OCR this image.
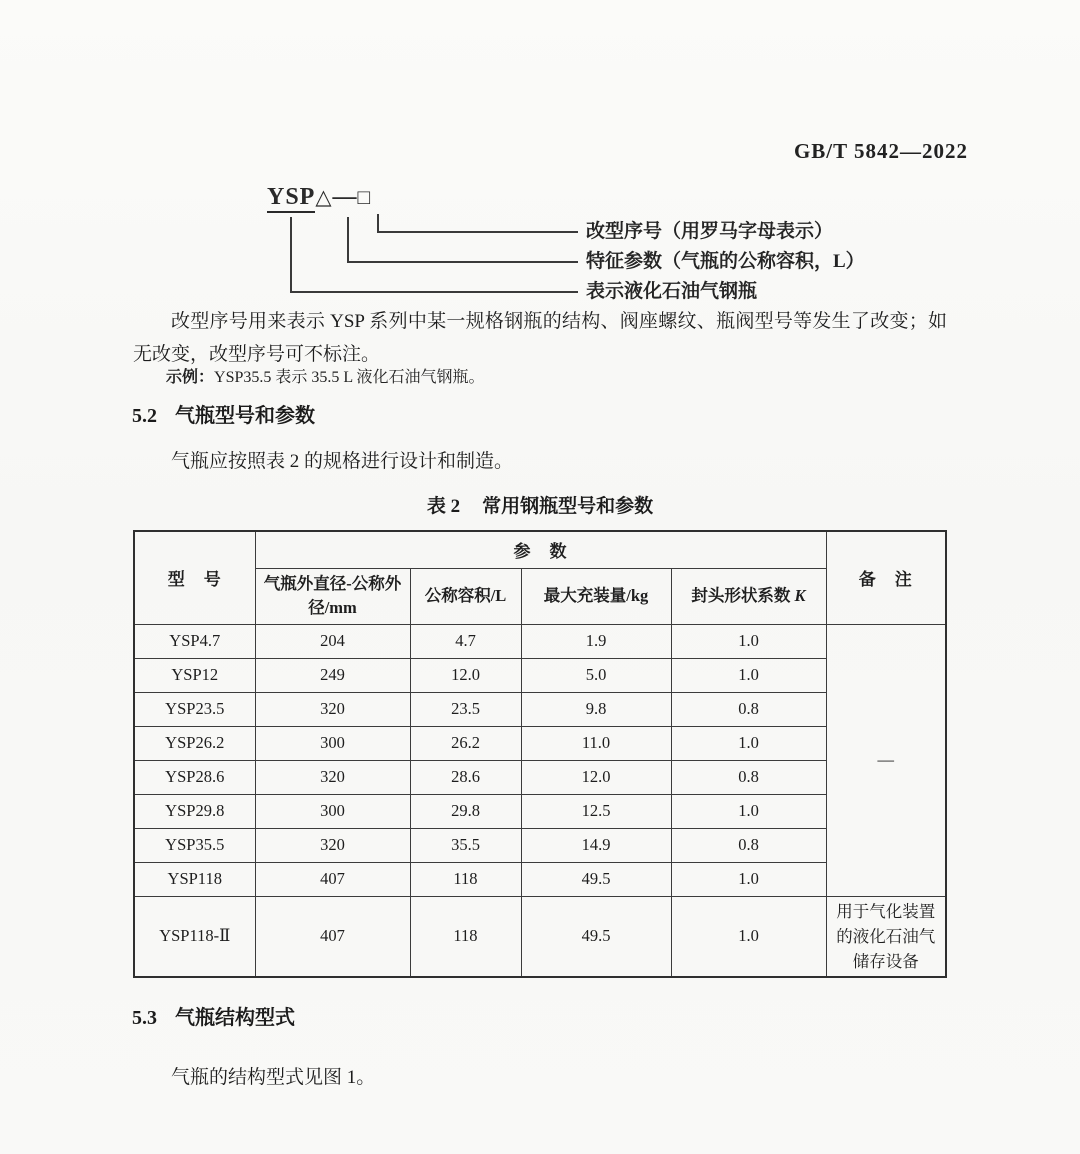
GB/T 5842—2022
YSP△—□
改型序号（用罗马字母表示）
特征参数（气瓶的公称容积，L）
表示液化石油气钢瓶

改型序号用来表示 YSP 系列中某一规格钢瓶的结构、阀座螺纹、瓶阀型号等发生了改变；如无改变，改型序号可不标注。

示例：YSP35.5 表示 35.5 L 液化石油气钢瓶。

5.2 气瓶型号和参数

气瓶应按照表 2 的规格进行设计和制造。

表 2 常用钢瓶型号和参数
型　号	参　数				备　注
	气瓶外直径-公称外径/mm	公称容积/L	最大充装量/kg	封头形状系数 K	
YSP4.7	204	4.7	1.9	1.0	—
YSP12	249	12.0	5.0	1.0	
YSP23.5	320	23.5	9.8	0.8	
YSP26.2	300	26.2	11.0	1.0	
YSP28.6	320	28.6	12.0	0.8	
YSP29.8	300	29.8	12.5	1.0	
YSP35.5	320	35.5	14.9	0.8	
YSP118	407	118	49.5	1.0	
YSP118-Ⅱ	407	118	49.5	1.0	用于气化装置的液化石油气储存设备
5.3 气瓶结构型式

气瓶的结构型式见图 1。
